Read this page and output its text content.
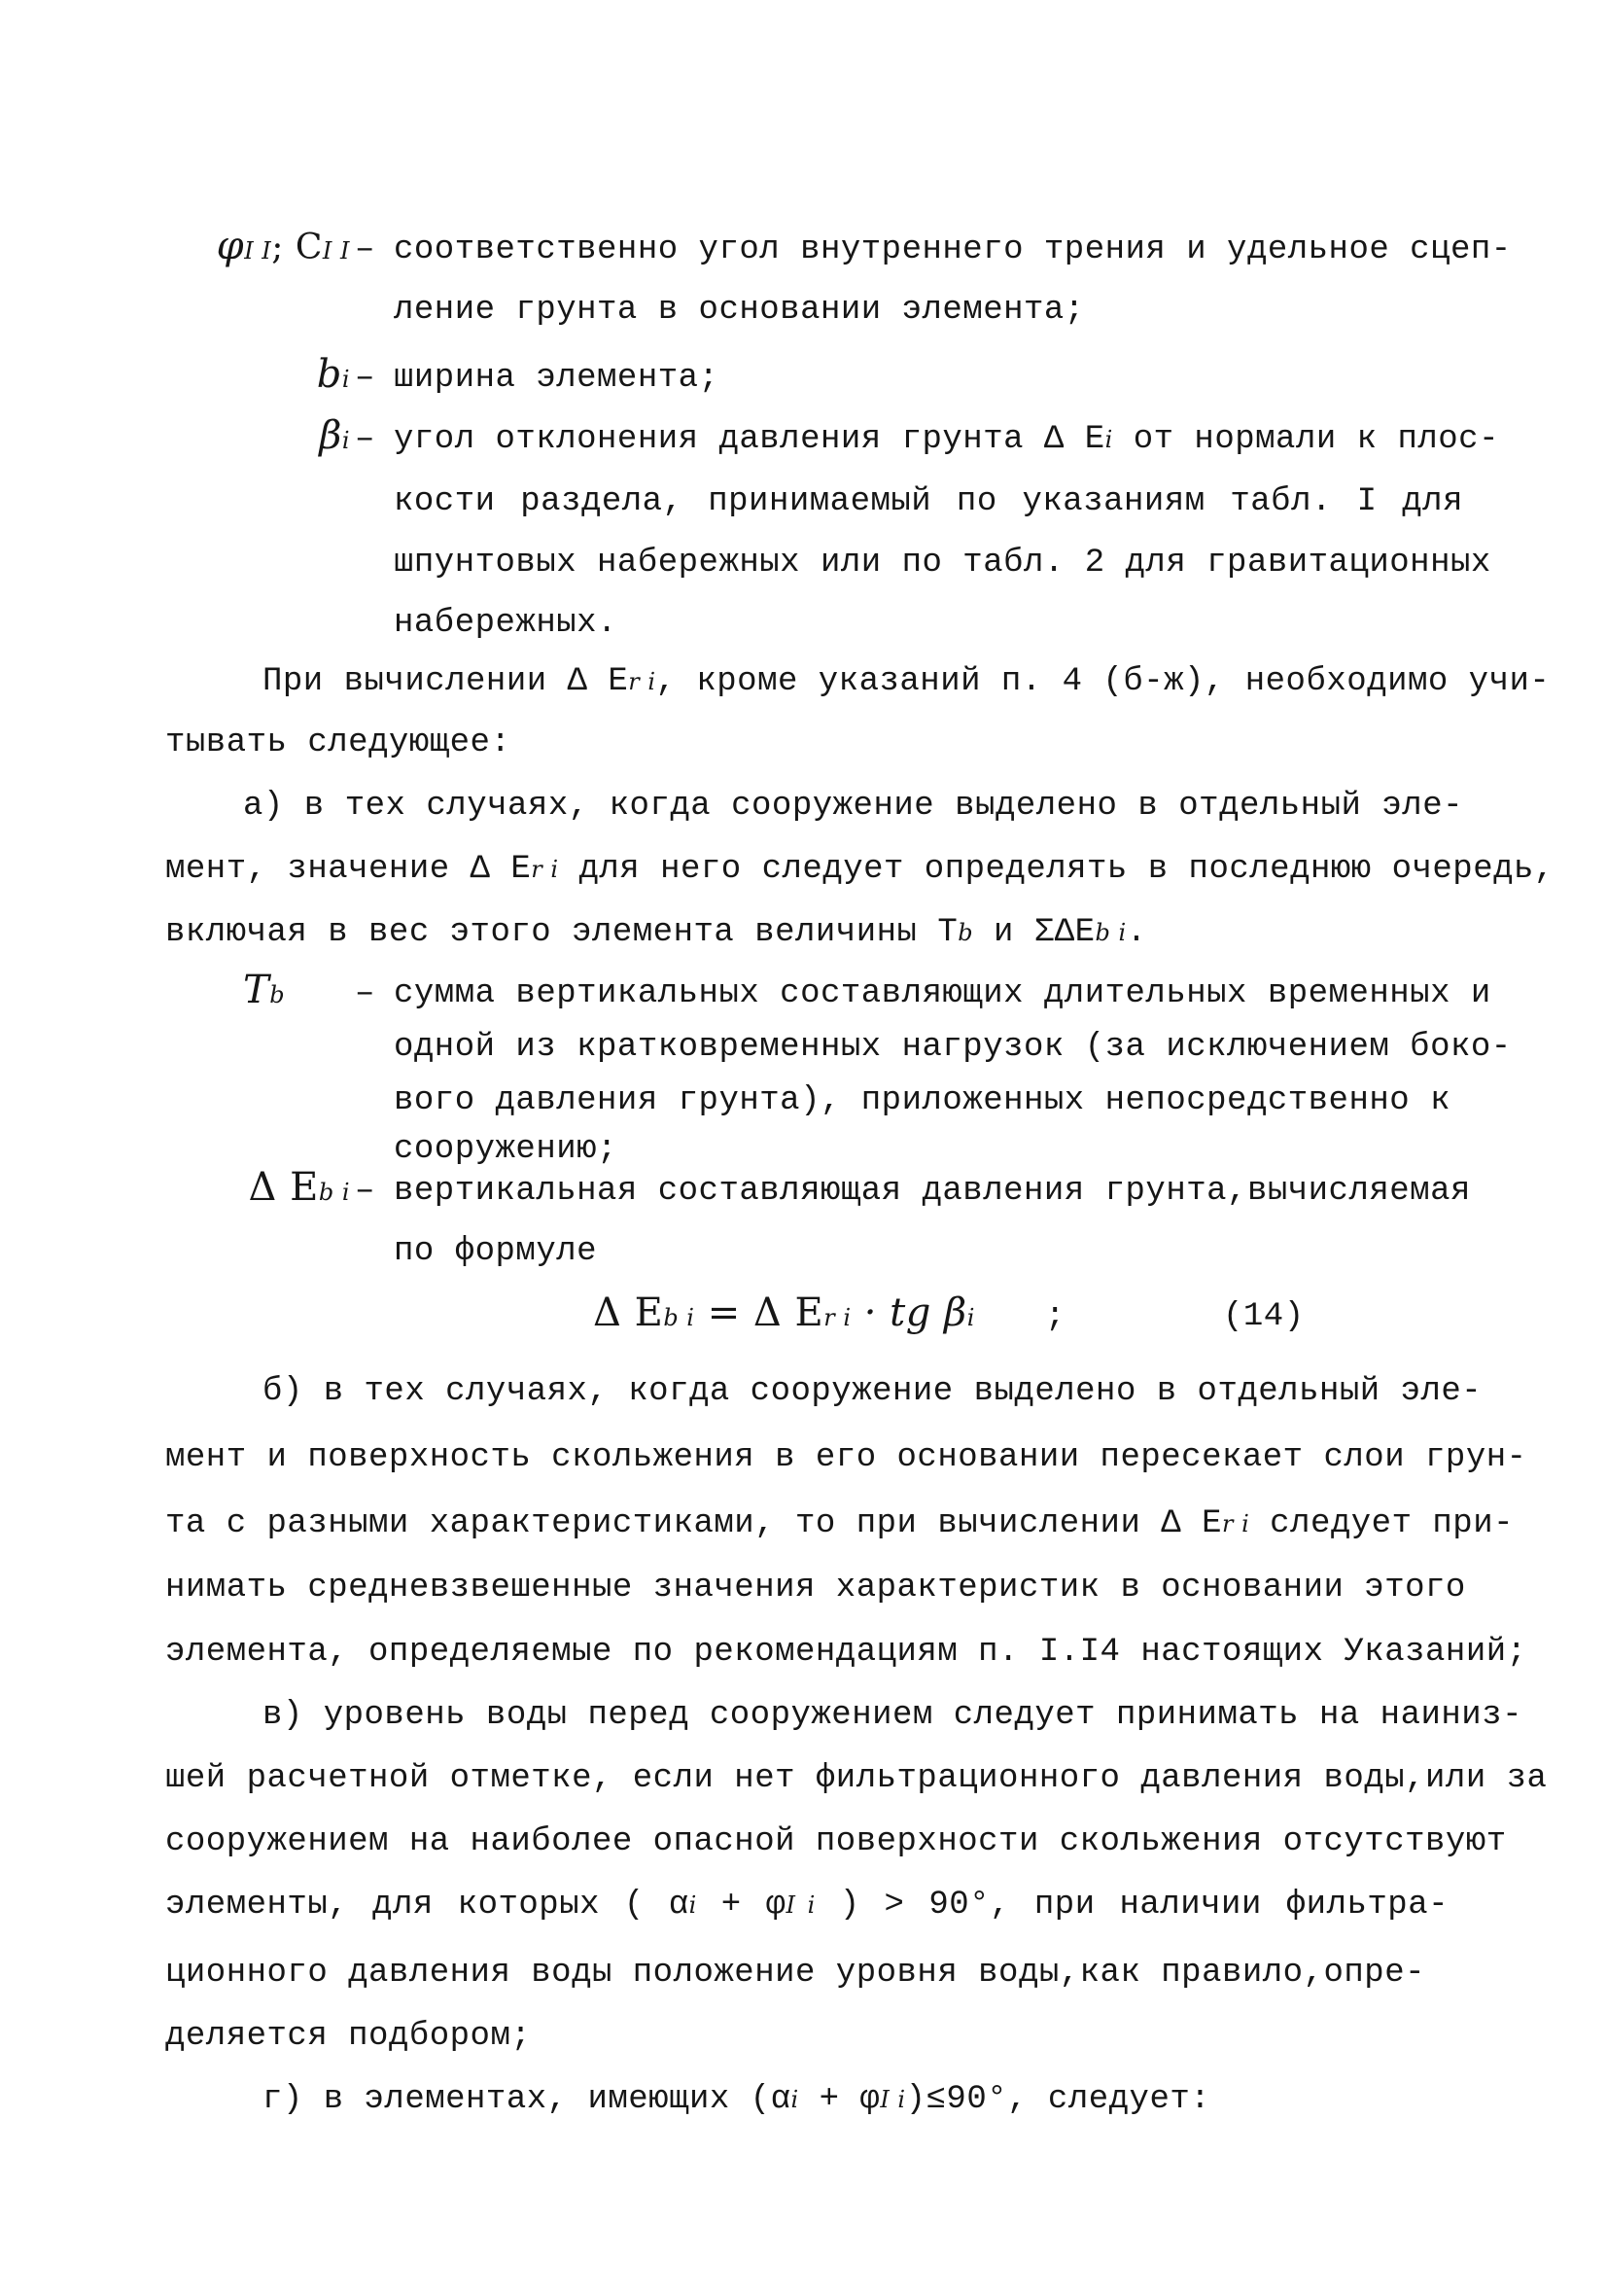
φI I; CI I – соответственно угол внутреннего трения и удельное сцеп-
ление грунта в основании элемента;
bi – ширина элемента;
βi – угол отклонения давления грунта Δ Ei от нормали к плос-
кости раздела, принимаемый по указаниям табл. I для
шпунтовых набережных или по табл. 2 для гравитационных
набережных.
При вычислении Δ Er i, кроме указаний п. 4 (б-ж), необходимо учи-
тывать следующее:
а) в тех случаях, когда сооружение выделено в отдельный эле-
мент, значение Δ Er i для него следует определять в последнюю очередь,
включая в вес этого элемента величины Tb и ΣΔEb i.
Tb	– сумма вертикальных составляющих длительных временных и
одной из кратковременных нагрузок (за исключением боко-
вого давления грунта), приложенных непосредственно к
сооружению;
Δ Eb i – вертикальная составляющая давления грунта,вычисляемая
по формуле
Δ Eb i = Δ Er i · tg βi ;	(14)
б) в тех случаях, когда сооружение выделено в отдельный эле-
мент и поверхность скольжения в его основании пересекает слои грун-
та с разными характеристиками, то при вычислении Δ Er i следует при-
нимать средневзвешенные значения характеристик в основании этого
элемента, определяемые по рекомендациям п. I.I4 настоящих Указаний;
в) уровень воды перед сооружением следует принимать на наиниз-
шей расчетной отметке, если нет фильтрационного давления воды,или за
сооружением на наиболее опасной поверхности скольжения отсутствуют
элементы, для которых ( αi + φI i ) > 90°, при наличии фильтра-
ционного давления воды положение уровня воды,как правило,опре-
деляется подбором;
г) в элементах, имеющих (αi + φI i)≤90°, следует:
